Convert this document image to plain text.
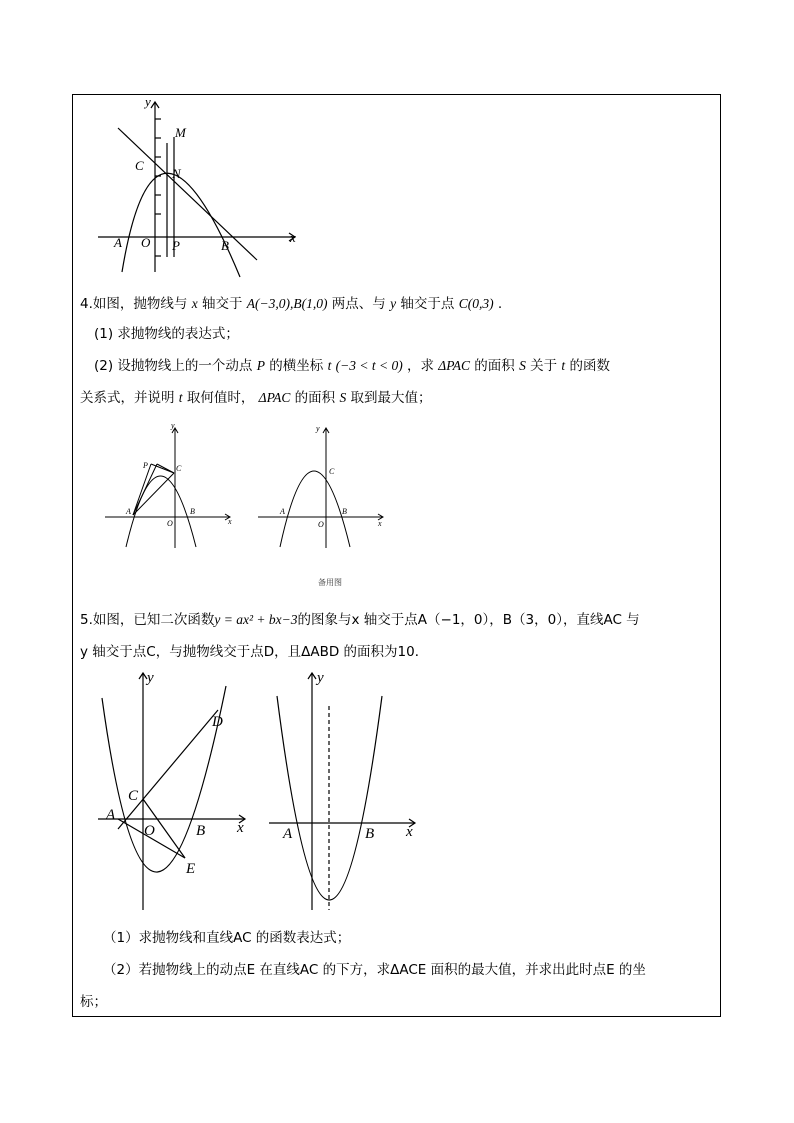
y
x
M
C
N
A O P	B
4.如图，抛物线与 x 轴交于 A(−3,0),B(1,0) 两点、与 y 轴交于点 C(0,3) .
(1) 求抛物线的表达式；
(2) 设抛物线上的一个动点 P 的横坐标 t (−3 < t < 0) ，求 ΔPAC 的面积 S 关于 t 的函数
关系式，并说明 t 取何值时， ΔPAC 的面积 S 取到最大值；
y
x
P	C
A
O
B
y
x
C
A
O
B
备用图
5.如图，已知二次函数y = ax² + bx−3的图象与x 轴交于点A（−1，0），B（3，0），直线AC 与
y 轴交于点C，与抛物线交于点D，且ΔABD 的面积为10．
y
x
D
C
A
O	B
E
y
x
A	B
（1）求抛物线和直线AC 的函数表达式；
（2）若抛物线上的动点E 在直线AC 的下方，求ΔACE 面积的最大值，并求出此时点E 的坐
标；
